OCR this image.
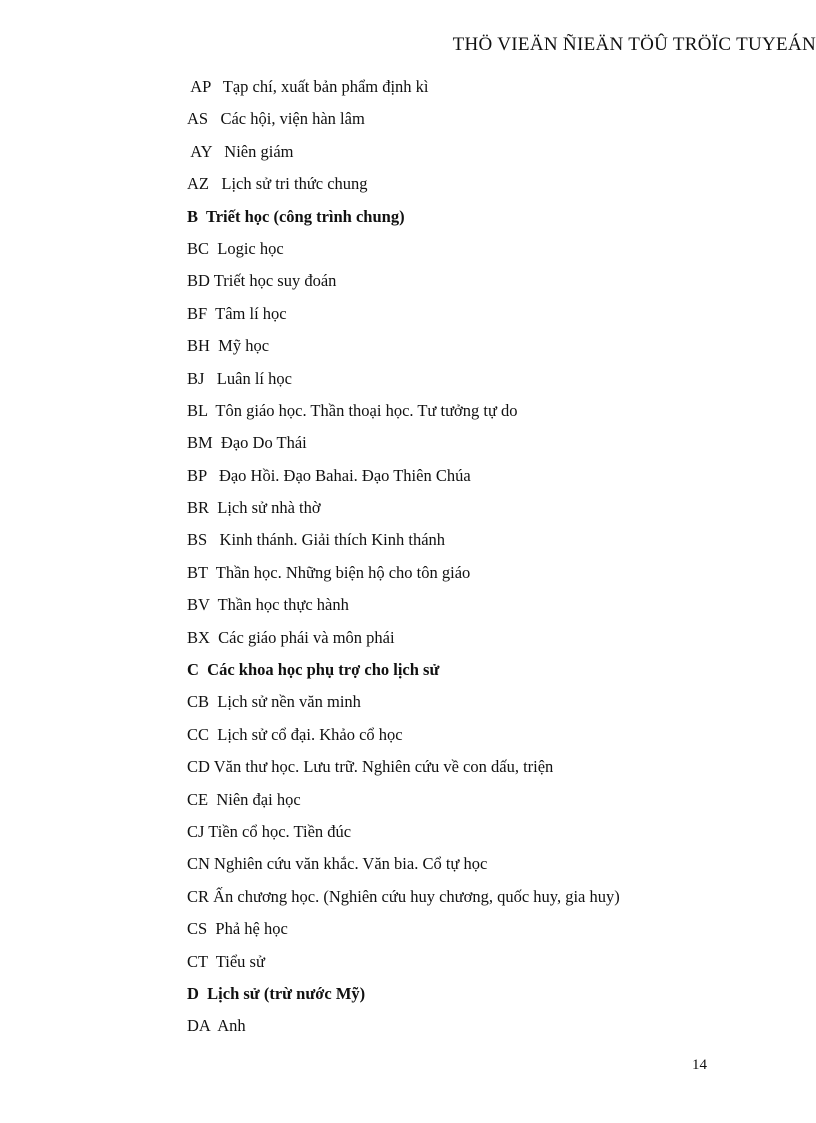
THÖ VIEÄN ÑIEÄN TÖÛ TRÖÏC TUYEÁN
AP   Tạp chí, xuất bản phẩm định kì
AS   Các hội, viện hàn lâm
AY   Niên giám
AZ   Lịch sử tri thức chung
B  Triết học (công trình chung)
BC  Logic học
BD Triết học suy đoán
BF  Tâm lí học
BH  Mỹ học
BJ   Luân lí học
BL  Tôn giáo học. Thần thoại học. Tư tưởng tự do
BM  Đạo Do Thái
BP   Đạo Hồi. Đạo Bahai. Đạo Thiên Chúa
BR  Lịch sử nhà thờ
BS   Kinh thánh. Giải thích Kinh thánh
BT  Thần học. Những biện hộ cho tôn giáo
BV  Thần học thực hành
BX  Các giáo phái và môn phái
C  Các khoa học phụ trợ cho lịch sử
CB  Lịch sử nền văn minh
CC  Lịch sử cổ đại. Khảo cổ học
CD Văn thư học. Lưu trữ. Nghiên cứu về con dấu, triện
CE  Niên đại học
CJ Tiền cổ học. Tiền đúc
CN Nghiên cứu văn khắc. Văn bia. Cổ tự học
CR Ấn chương học. (Nghiên cứu huy chương, quốc huy, gia huy)
CS  Phả hệ học
CT  Tiểu sử
D  Lịch sử (trừ nước Mỹ)
DA  Anh
14
